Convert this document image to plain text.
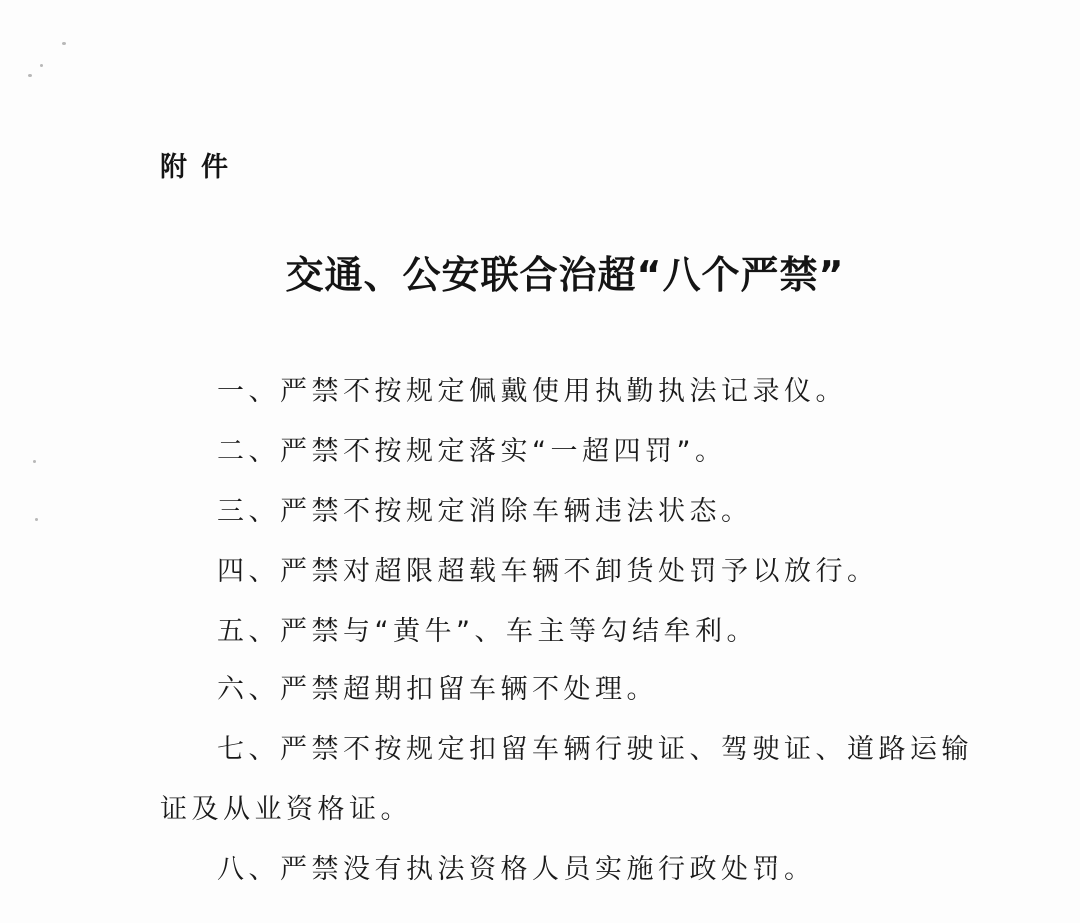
附件
交通、公安联合治超“八个严禁”
一、严禁不按规定佩戴使用执勤执法记录仪。
二、严禁不按规定落实“一超四罚”。
三、严禁不按规定消除车辆违法状态。
四、严禁对超限超载车辆不卸货处罚予以放行。
五、严禁与“黄牛”、车主等勾结牟利。
六、严禁超期扣留车辆不处理。
七、严禁不按规定扣留车辆行驶证、驾驶证、道路运输
证及从业资格证。
八、严禁没有执法资格人员实施行政处罚。
